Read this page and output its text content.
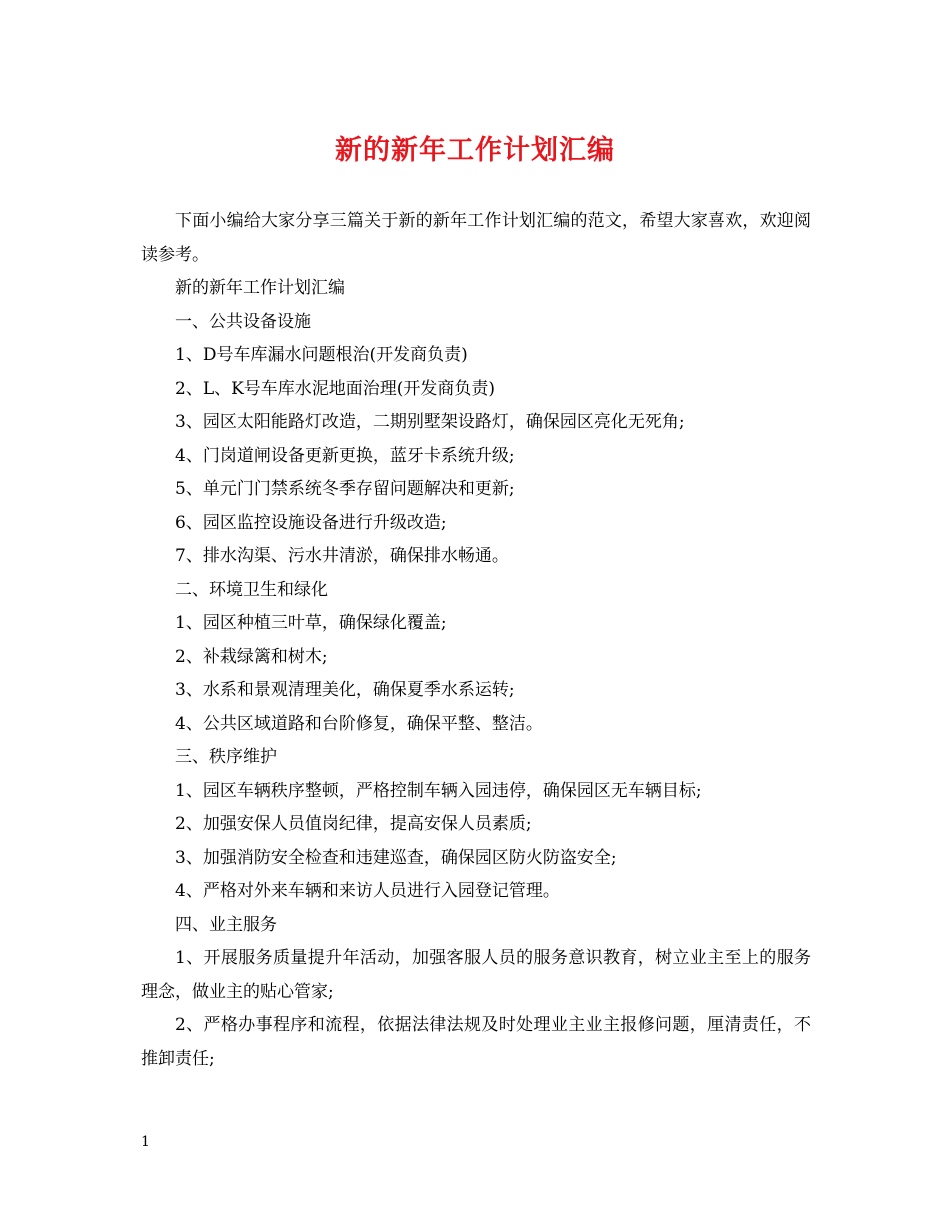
新的新年工作计划汇编

下面小编给大家分享三篇关于新的新年工作计划汇编的范文，希望大家喜欢，欢迎阅读参考。

新的新年工作计划汇编

一、公共设备设施

1、D号车库漏水问题根治(开发商负责)

2、L、K号车库水泥地面治理(开发商负责)

3、园区太阳能路灯改造，二期别墅架设路灯，确保园区亮化无死角;

4、门岗道闸设备更新更换，蓝牙卡系统升级;

5、单元门门禁系统冬季存留问题解决和更新;

6、园区监控设施设备进行升级改造;

7、排水沟渠、污水井清淤，确保排水畅通。

二、环境卫生和绿化

1、园区种植三叶草，确保绿化覆盖;

2、补栽绿篱和树木;

3、水系和景观清理美化，确保夏季水系运转;

4、公共区域道路和台阶修复，确保平整、整洁。

三、秩序维护

1、园区车辆秩序整顿，严格控制车辆入园违停，确保园区无车辆目标;

2、加强安保人员值岗纪律，提高安保人员素质;

3、加强消防安全检查和违建巡查，确保园区防火防盗安全;

4、严格对外来车辆和来访人员进行入园登记管理。

四、业主服务

1、开展服务质量提升年活动，加强客服人员的服务意识教育，树立业主至上的服务理念，做业主的贴心管家;

2、严格办事程序和流程，依据法律法规及时处理业主业主报修问题，厘清责任，不推卸责任;

1
